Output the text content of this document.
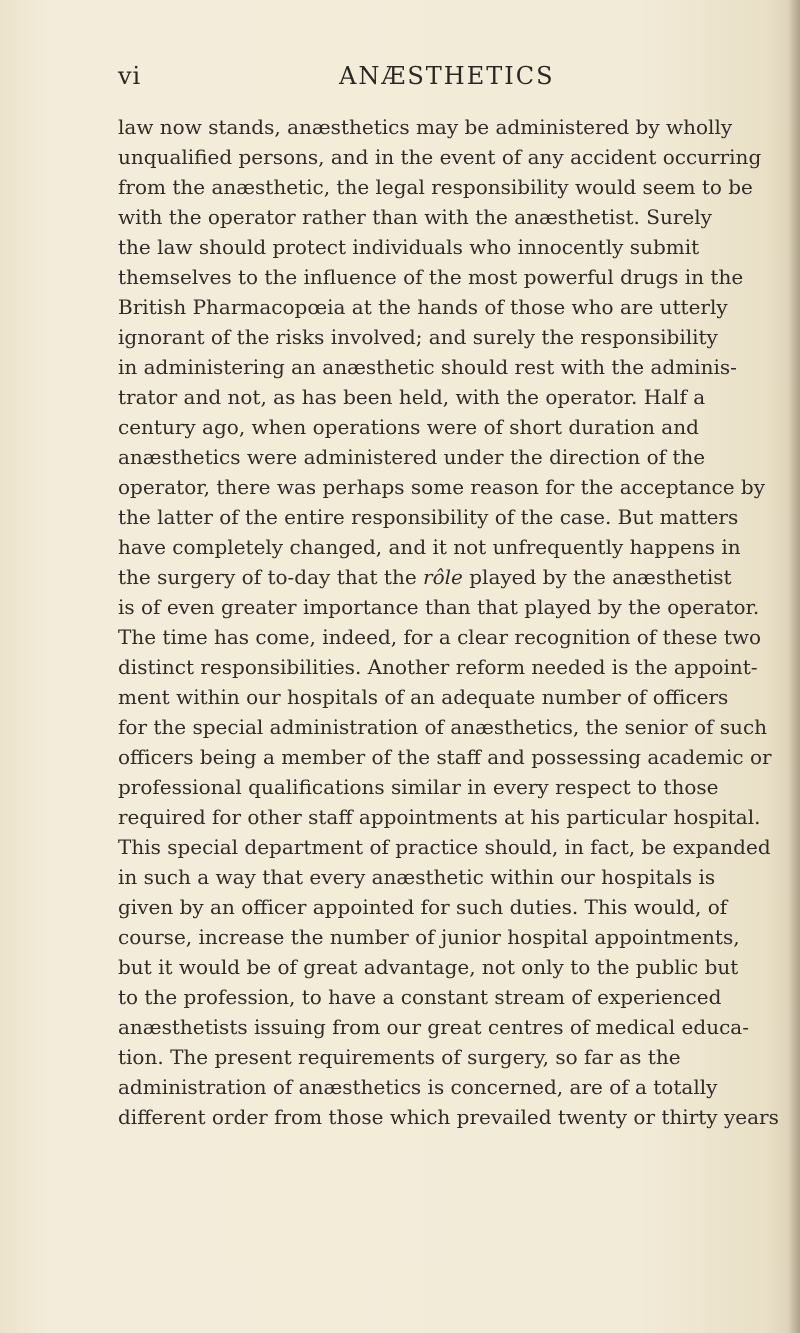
vi	ANÆSTHETICS
law now stands, anæsthetics may be administered by wholly
unqualified persons, and in the event of any accident occurring
from the anæsthetic, the legal responsibility would seem to be
with the operator rather than with the anæsthetist. Surely
the law should protect individuals who innocently submit
themselves to the influence of the most powerful drugs in the
British Pharmacopœia at the hands of those who are utterly
ignorant of the risks involved; and surely the responsibility
in administering an anæsthetic should rest with the adminis-
trator and not, as has been held, with the operator. Half a
century ago, when operations were of short duration and
anæsthetics were administered under the direction of the
operator, there was perhaps some reason for the acceptance by
the latter of the entire responsibility of the case. But matters
have completely changed, and it not unfrequently happens in
the surgery of to-day that the rôle played by the anæsthetist
is of even greater importance than that played by the operator.
The time has come, indeed, for a clear recognition of these two
distinct responsibilities. Another reform needed is the appoint-
ment within our hospitals of an adequate number of officers
for the special administration of anæsthetics, the senior of such
officers being a member of the staff and possessing academic or
professional qualifications similar in every respect to those
required for other staff appointments at his particular hospital.
This special department of practice should, in fact, be expanded
in such a way that every anæsthetic within our hospitals is
given by an officer appointed for such duties. This would, of
course, increase the number of junior hospital appointments,
but it would be of great advantage, not only to the public but
to the profession, to have a constant stream of experienced
anæsthetists issuing from our great centres of medical educa-
tion. The present requirements of surgery, so far as the
administration of anæsthetics is concerned, are of a totally
different order from those which prevailed twenty or thirty years
